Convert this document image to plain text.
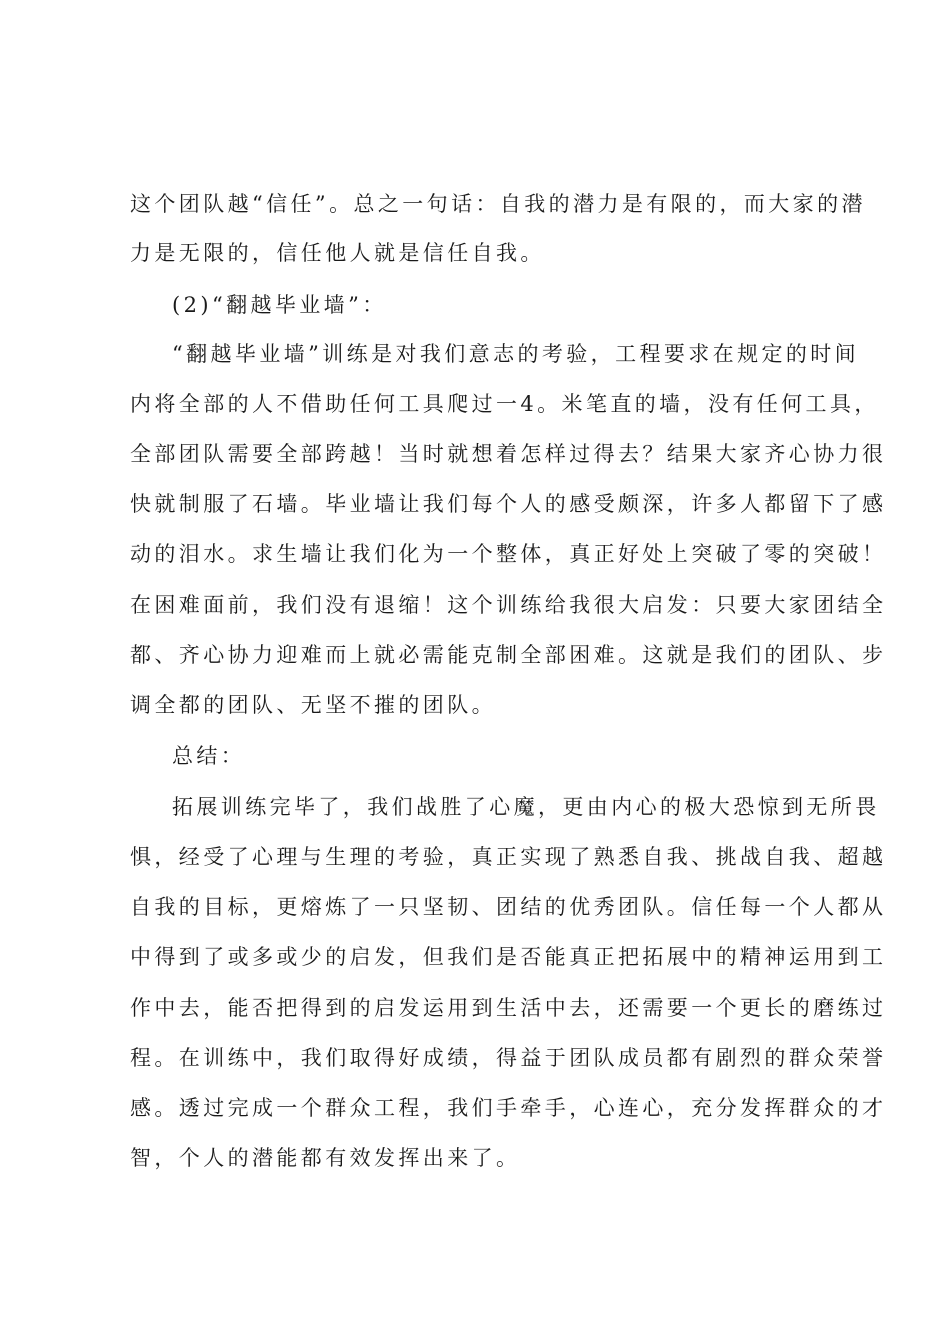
这个团队越“信任”。总之一句话：自我的潜力是有限的，而大家的潜
力是无限的，信任他人就是信任自我。
(2)“翻越毕业墙”：
“翻越毕业墙”训练是对我们意志的考验，工程要求在规定的时间
内将全部的人不借助任何工具爬过一4。米笔直的墙，没有任何工具，
全部团队需要全部跨越！当时就想着怎样过得去？结果大家齐心协力很
快就制服了石墙。毕业墙让我们每个人的感受颇深，许多人都留下了感
动的泪水。求生墙让我们化为一个整体，真正好处上突破了零的突破！
在困难面前，我们没有退缩！这个训练给我很大启发：只要大家团结全
都、齐心协力迎难而上就必需能克制全部困难。这就是我们的团队、步
调全都的团队、无坚不摧的团队。
总结：
拓展训练完毕了，我们战胜了心魔，更由内心的极大恐惊到无所畏
惧，经受了心理与生理的考验，真正实现了熟悉自我、挑战自我、超越
自我的目标，更熔炼了一只坚韧、团结的优秀团队。信任每一个人都从
中得到了或多或少的启发，但我们是否能真正把拓展中的精神运用到工
作中去，能否把得到的启发运用到生活中去，还需要一个更长的磨练过
程。在训练中，我们取得好成绩，得益于团队成员都有剧烈的群众荣誉
感。透过完成一个群众工程，我们手牵手，心连心，充分发挥群众的才
智，个人的潜能都有效发挥出来了。
